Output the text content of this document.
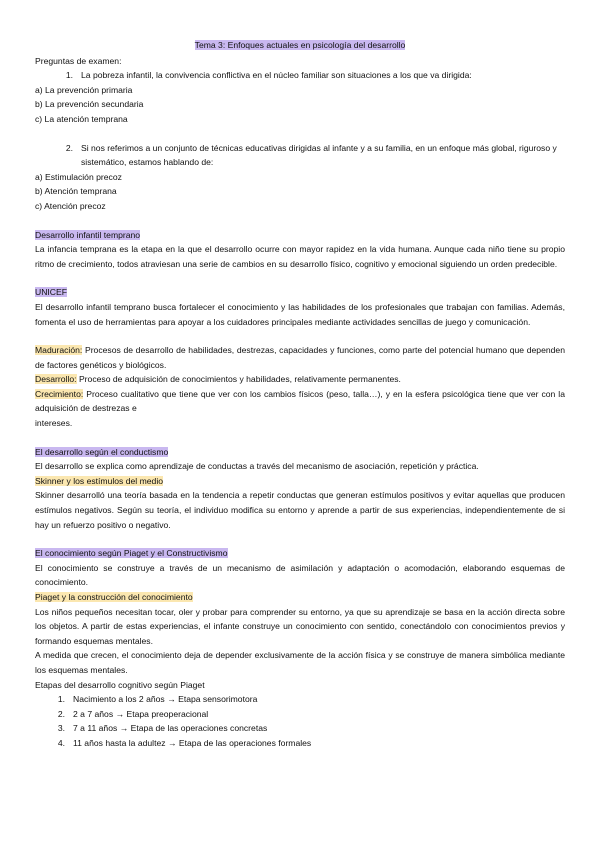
Tema 3: Enfoques actuales en psicología del desarrollo

Preguntas de examen:

1. La pobreza infantil, la convivencia conflictiva en el núcleo familiar son situaciones a los que va dirigida:

a) La prevención primaria

b) La prevención secundaria

c) La atención temprana

2. Si nos referimos a un conjunto de técnicas educativas dirigidas al infante y a su familia, en un enfoque más global, riguroso y sistemático, estamos hablando de:

a) Estimulación precoz

b) Atención temprana

c) Atención precoz

Desarrollo infantil temprano

La infancia temprana es la etapa en la que el desarrollo ocurre con mayor rapidez en la vida humana. Aunque cada niño tiene su propio ritmo de crecimiento, todos atraviesan una serie de cambios en su desarrollo físico, cognitivo y emocional siguiendo un orden predecible.

UNICEF

El desarrollo infantil temprano busca fortalecer el conocimiento y las habilidades de los profesionales que trabajan con familias. Además, fomenta el uso de herramientas para apoyar a los cuidadores principales mediante actividades sencillas de juego y comunicación.

Maduración: Procesos de desarrollo de habilidades, destrezas, capacidades y funciones, como parte del potencial humano que dependen de factores genéticos y biológicos.

Desarrollo: Proceso de adquisición de conocimientos y habilidades, relativamente permanentes.

Crecimiento: Proceso cualitativo que tiene que ver con los cambios físicos (peso, talla…), y en la esfera psicológica tiene que ver con la adquisición de destrezas e

intereses.

El desarrollo según el conductismo

El desarrollo se explica como aprendizaje de conductas a través del mecanismo de asociación, repetición y práctica.

Skinner y los estímulos del medio

Skinner desarrolló una teoría basada en la tendencia a repetir conductas que generan estímulos positivos y evitar aquellas que producen estímulos negativos. Según su teoría, el individuo modifica su entorno y aprende a partir de sus experiencias, independientemente de si hay un refuerzo positivo o negativo.

El conocimiento según Piaget y el Constructivismo

El conocimiento se construye a través de un mecanismo de asimilación y adaptación o acomodación, elaborando esquemas de conocimiento.

Piaget y la construcción del conocimiento

Los niños pequeños necesitan tocar, oler y probar para comprender su entorno, ya que su aprendizaje se basa en la acción directa sobre los objetos. A partir de estas experiencias, el infante construye un conocimiento con sentido, conectándolo con conocimientos previos y formando esquemas mentales.

A medida que crecen, el conocimiento deja de depender exclusivamente de la acción física y se construye de manera simbólica mediante los esquemas mentales.

Etapas del desarrollo cognitivo según Piaget

1. Nacimiento a los 2 años → Etapa sensorimotora
2. 2 a 7 años → Etapa preoperacional
3. 7 a 11 años → Etapa de las operaciones concretas
4. 11 años hasta la adultez → Etapa de las operaciones formales
